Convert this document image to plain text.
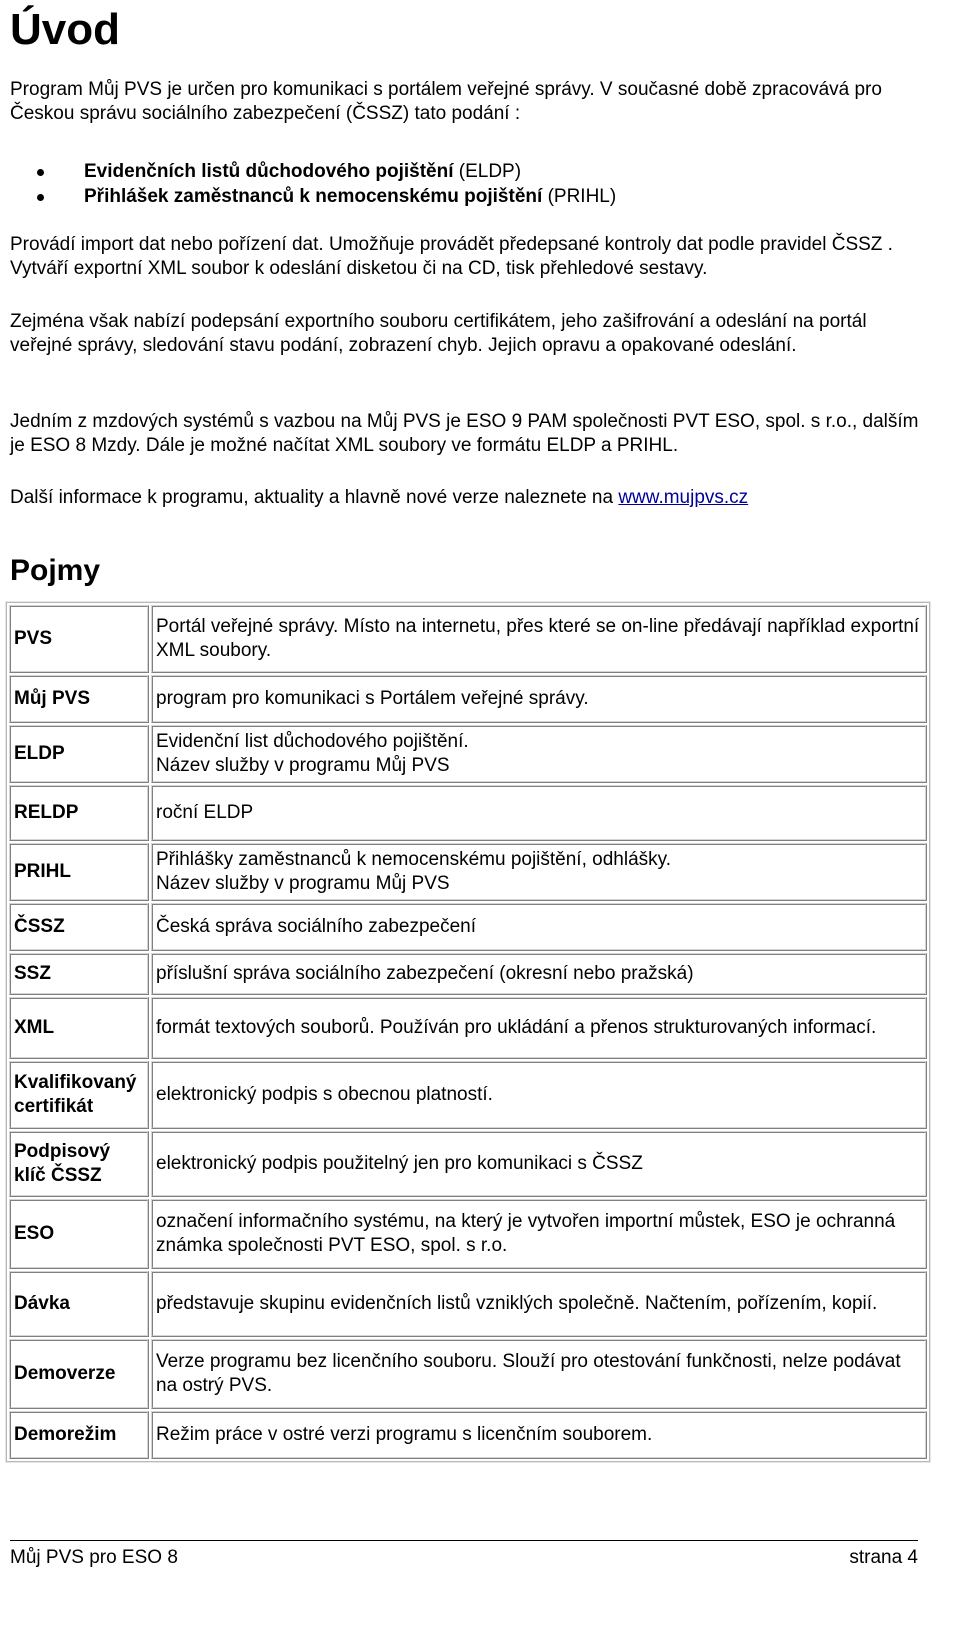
Úvod

Program Můj PVS je určen pro komunikaci s portálem veřejné správy. V současné době zpracovává pro Českou správu sociálního zabezpečení (ČSSZ) tato podání :

Evidenčních listů důchodového pojištění (ELDP)
Přihlášek zaměstnanců k nemocenskému pojištění (PRIHL)

Provádí import dat nebo pořízení dat. Umožňuje provádět předepsané kontroly dat podle pravidel ČSSZ . Vytváří exportní XML soubor k odeslání disketou či na CD, tisk přehledové sestavy.

Zejména však nabízí podepsání exportního souboru certifikátem, jeho zašifrování a odeslání na portál veřejné správy, sledování stavu podání, zobrazení chyb. Jejich opravu a opakované odeslání.

Jedním z mzdových systémů s vazbou na Můj PVS je ESO 9 PAM společnosti PVT ESO, spol. s r.o., dalším je ESO 8 Mzdy. Dále je možné načítat XML soubory ve formátu ELDP a PRIHL.

Další informace k programu, aktuality a hlavně nové verze naleznete na www.mujpvs.cz

Pojmy
PVS	Portál veřejné správy. Místo na internetu, přes které se on-line předávají například exportní XML soubory.
Můj PVS	program pro komunikaci s Portálem veřejné správy.
ELDP	Evidenční list důchodového pojištění.
Název služby v programu Můj PVS
RELDP	roční ELDP
PRIHL	Přihlášky zaměstnanců k nemocenskému pojištění, odhlášky.
Název služby v programu Můj PVS
ČSSZ	Česká správa sociálního zabezpečení
SSZ	příslušní správa sociálního zabezpečení (okresní nebo pražská)
XML	formát textových souborů. Používán pro ukládání a přenos strukturovaných informací.
Kvalifikovaný certifikát	elektronický podpis s obecnou platností.
Podpisový klíč ČSSZ	elektronický podpis použitelný jen pro komunikaci s ČSSZ
ESO	označení informačního systému, na který je vytvořen importní můstek, ESO je ochranná známka společnosti PVT ESO, spol. s r.o.
Dávka	představuje skupinu evidenčních listů vzniklých společně. Načtením, pořízením, kopií.
Demoverze	Verze programu bez licenčního souboru. Slouží pro otestování funkčnosti, nelze podávat na ostrý PVS.
Demorežim	Režim práce v ostré verzi programu s licenčním souborem.
Můj PVS pro ESO 8	strana 4
